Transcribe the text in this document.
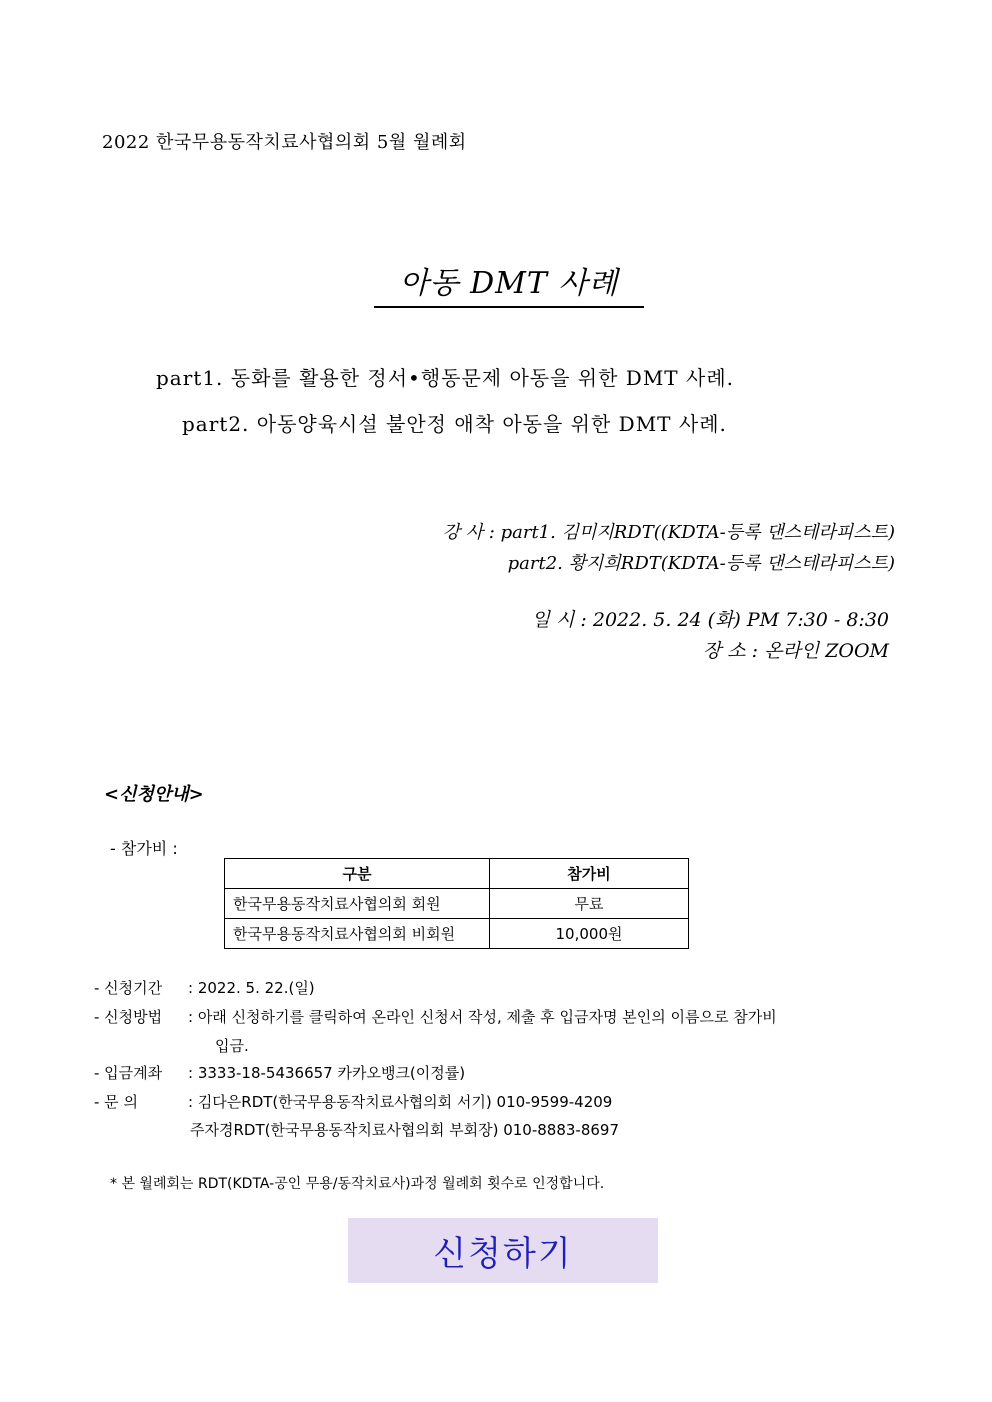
2022 한국무용동작치료사협의회 5월 월례회
아동 DMT 사례
part1. 동화를 활용한 정서•행동문제 아동을 위한 DMT 사례.
part2. 아동양육시설 불안정 애착 아동을 위한 DMT 사례.
강 사 : part1. 김미지RDT((KDTA-등록 댄스테라피스트)
part2. 황지희RDT(KDTA-등록 댄스테라피스트)
일 시 : 2022. 5. 24 (화) PM 7:30 - 8:30
장 소 : 온라인 ZOOM
<신청안내>
- 참가비 :
구분	참가비
한국무용동작치료사협의회 회원	무료
한국무용동작치료사협의회 비회원	10,000원
- 신청기간 : 2022. 5. 22.(일)
- 신청방법 : 아래 신청하기를 클릭하여 온라인 신청서 작성, 제출 후 입금자명 본인의 이름으로 참가비
입금.
- 입금계좌 : 3333-18-5436657 카카오뱅크(이정률)
- 문 의	: 김다은RDT(한국무용동작치료사협의회 서기) 010-9599-4209
주자경RDT(한국무용동작치료사협의회 부회장) 010-8883-8697
* 본 월례회는 RDT(KDTA-공인 무용/동작치료사)과정 월례회 횟수로 인정합니다.
신청하기
